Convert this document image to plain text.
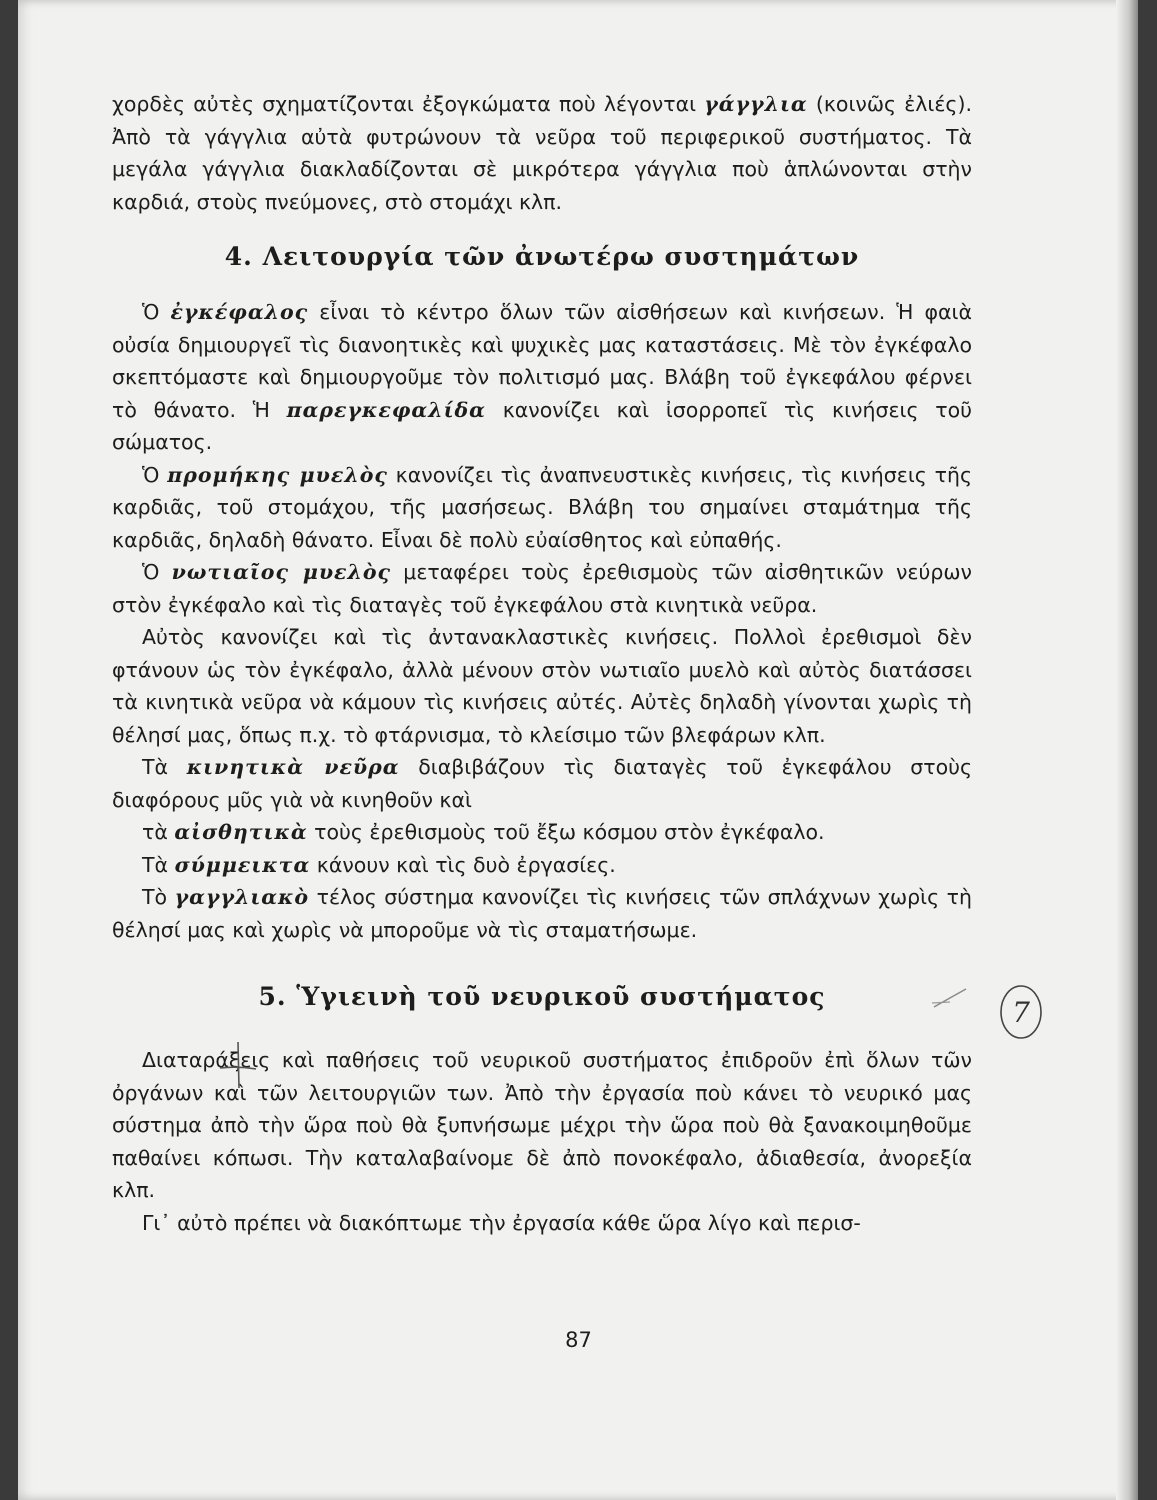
χορδὲς αὐτὲς σχηματίζονται ἐξογκώματα ποὺ λέγονται γάγγλια (κοινῶς ἐλιές). Ἀπὸ τὰ γάγγλια αὐτὰ φυτρώνουν τὰ νεῦρα τοῦ περιφερικοῦ συστήματος. Τὰ μεγάλα γάγγλια διακλαδίζονται σὲ μικρότερα γάγγλια ποὺ ἁπλώνονται στὴν καρδιά, στοὺς πνεύμονες, στὸ στομάχι κλπ.

4. Λειτουργία τῶν ἀνωτέρω συστημάτων

Ὁ ἐγκέφαλος εἶναι τὸ κέντρο ὅλων τῶν αἰσθήσεων καὶ κινήσεων. Ἡ φαιὰ οὐσία δημιουργεῖ τὶς διανοητικὲς καὶ ψυχικὲς μας καταστάσεις. Μὲ τὸν ἐγκέφαλο σκεπτόμαστε καὶ δημιουργοῦμε τὸν πολιτισμό μας. Βλάβη τοῦ ἐγκεφάλου φέρνει τὸ θάνατο. Ἡ παρεγκεφαλίδα κανονίζει καὶ ἰσορροπεῖ τὶς κινήσεις τοῦ σώματος.

Ὁ προμήκης μυελὸς κανονίζει τὶς ἀναπνευστικὲς κινήσεις, τὶς κινήσεις τῆς καρδιᾶς, τοῦ στομάχου, τῆς μασήσεως. Βλάβη του σημαίνει σταμάτημα τῆς καρδιᾶς, δηλαδὴ θάνατο. Εἶναι δὲ πολὺ εὐαίσθητος καὶ εὐπαθής.

Ὁ νωτιαῖος μυελὸς μεταφέρει τοὺς ἐρεθισμοὺς τῶν αἰσθητικῶν νεύρων στὸν ἐγκέφαλο καὶ τὶς διαταγὲς τοῦ ἐγκεφάλου στὰ κινητικὰ νεῦρα.

Αὐτὸς κανονίζει καὶ τὶς ἀντανακλαστικὲς κινήσεις. Πολλοὶ ἐρεθισμοὶ δὲν φτάνουν ὡς τὸν ἐγκέφαλο, ἀλλὰ μένουν στὸν νωτιαῖο μυελὸ καὶ αὐτὸς διατάσσει τὰ κινητικὰ νεῦρα νὰ κάμουν τὶς κινήσεις αὐτές. Αὐτὲς δηλαδὴ γίνονται χωρὶς τὴ θέλησί μας, ὅπως π.χ. τὸ φτάρνισμα, τὸ κλείσιμο τῶν βλεφάρων κλπ.

Τὰ κινητικὰ νεῦρα διαβιβάζουν τὶς διαταγὲς τοῦ ἐγκεφάλου στοὺς διαφόρους μῦς γιὰ νὰ κινηθοῦν καὶ

τὰ αἰσθητικὰ τοὺς ἐρεθισμοὺς τοῦ ἔξω κόσμου στὸν ἐγκέφαλο.

Τὰ σύμμεικτα κάνουν καὶ τὶς δυὸ ἐργασίες.

Τὸ γαγγλιακὸ τέλος σύστημα κανονίζει τὶς κινήσεις τῶν σπλάχνων χωρὶς τὴ θέλησί μας καὶ χωρὶς νὰ μποροῦμε νὰ τὶς σταματήσωμε.

5. Ὑγιεινὴ τοῦ νευρικοῦ συστήματος

Διαταράξεις καὶ παθήσεις τοῦ νευρικοῦ συστήματος ἐπιδροῦν ἐπὶ ὅλων τῶν ὀργάνων καὶ τῶν λειτουργιῶν των. Ἀπὸ τὴν ἐργασία ποὺ κάνει τὸ νευρικό μας σύστημα ἀπὸ τὴν ὥρα ποὺ θὰ ξυπνήσωμε μέχρι τὴν ὥρα ποὺ θὰ ξανακοιμηθοῦμε παθαίνει κόπωσι. Τὴν καταλαβαίνομε δὲ ἀπὸ πονοκέφαλο, ἀδιαθεσία, ἀνορεξία κλπ.

Γι᾽ αὐτὸ πρέπει νὰ διακόπτωμε τὴν ἐργασία κάθε ὥρα λίγο καὶ περισ-

87
7
